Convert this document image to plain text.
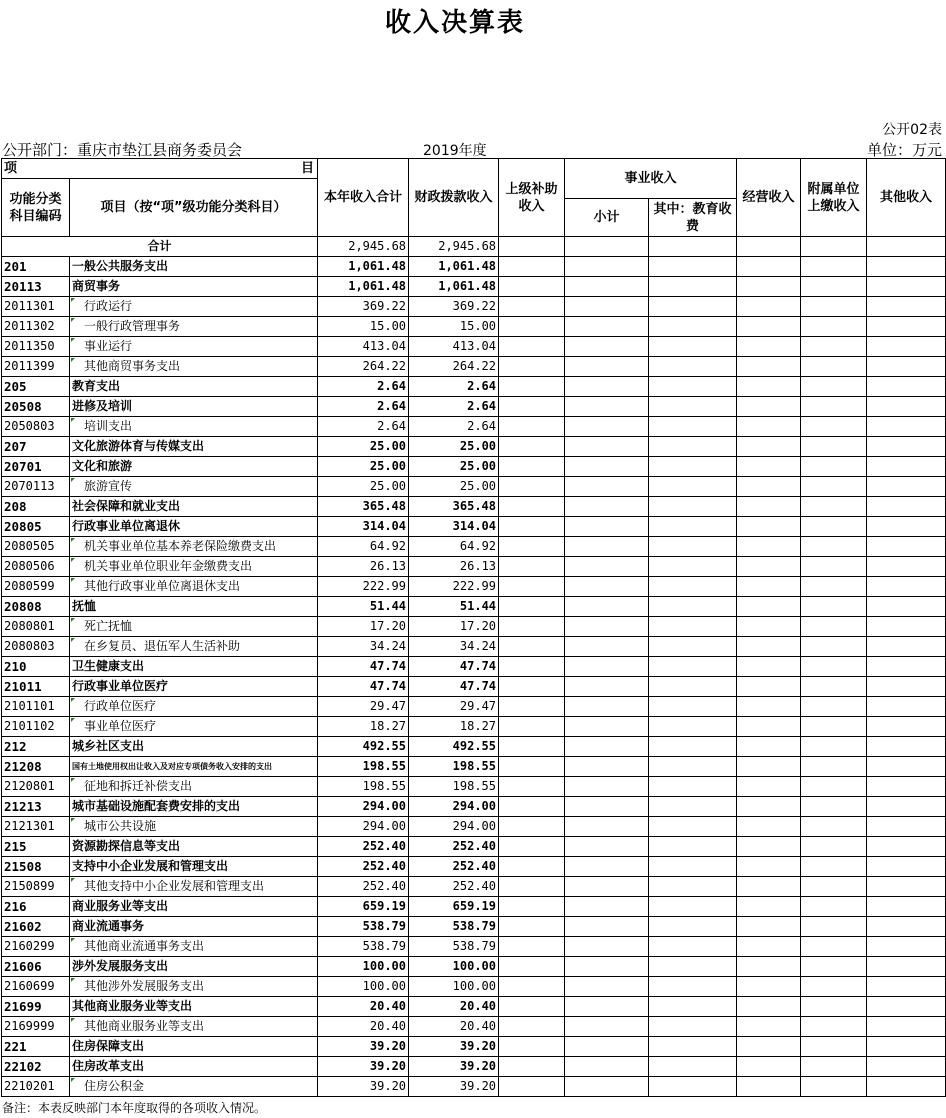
收入决算表
公开02表
公开部门：重庆市垫江县商务委员会	2019年度	单位：万元
项 目		本年收入合计	财政拨款收入	上级补助收入	事业收入		经营收入	附属单位上缴收入	其他收入
功能分类科目编码	项目（按“项”级功能分类科目）								
					小计	其中：教育收费			
合计		2,945.68	2,945.68						
201	一般公共服务支出	1,061.48	1,061.48						
20113	商贸事务	1,061.48	1,061.48						
2011301	行政运行	369.22	369.22						
2011302	一般行政管理事务	15.00	15.00						
2011350	事业运行	413.04	413.04						
2011399	其他商贸事务支出	264.22	264.22						
205	教育支出	2.64	2.64						
20508	进修及培训	2.64	2.64						
2050803	培训支出	2.64	2.64						
207	文化旅游体育与传媒支出	25.00	25.00						
20701	文化和旅游	25.00	25.00						
2070113	旅游宣传	25.00	25.00						
208	社会保障和就业支出	365.48	365.48						
20805	行政事业单位离退休	314.04	314.04						
2080505	机关事业单位基本养老保险缴费支出	64.92	64.92						
2080506	机关事业单位职业年金缴费支出	26.13	26.13						
2080599	其他行政事业单位离退休支出	222.99	222.99						
20808	抚恤	51.44	51.44						
2080801	死亡抚恤	17.20	17.20						
2080803	在乡复员、退伍军人生活补助	34.24	34.24						
210	卫生健康支出	47.74	47.74						
21011	行政事业单位医疗	47.74	47.74						
2101101	行政单位医疗	29.47	29.47						
2101102	事业单位医疗	18.27	18.27						
212	城乡社区支出	492.55	492.55						
21208	国有土地使用权出让收入及对应专项债务收入安排的支出	198.55	198.55						
2120801	征地和拆迁补偿支出	198.55	198.55						
21213	城市基础设施配套费安排的支出	294.00	294.00						
2121301	城市公共设施	294.00	294.00						
215	资源勘探信息等支出	252.40	252.40						
21508	支持中小企业发展和管理支出	252.40	252.40						
2150899	其他支持中小企业发展和管理支出	252.40	252.40						
216	商业服务业等支出	659.19	659.19						
21602	商业流通事务	538.79	538.79						
2160299	其他商业流通事务支出	538.79	538.79						
21606	涉外发展服务支出	100.00	100.00						
2160699	其他涉外发展服务支出	100.00	100.00						
21699	其他商业服务业等支出	20.40	20.40						
2169999	其他商业服务业等支出	20.40	20.40						
221	住房保障支出	39.20	39.20						
22102	住房改革支出	39.20	39.20						
2210201	住房公积金	39.20	39.20						
备注：本表反映部门本年度取得的各项收入情况。
